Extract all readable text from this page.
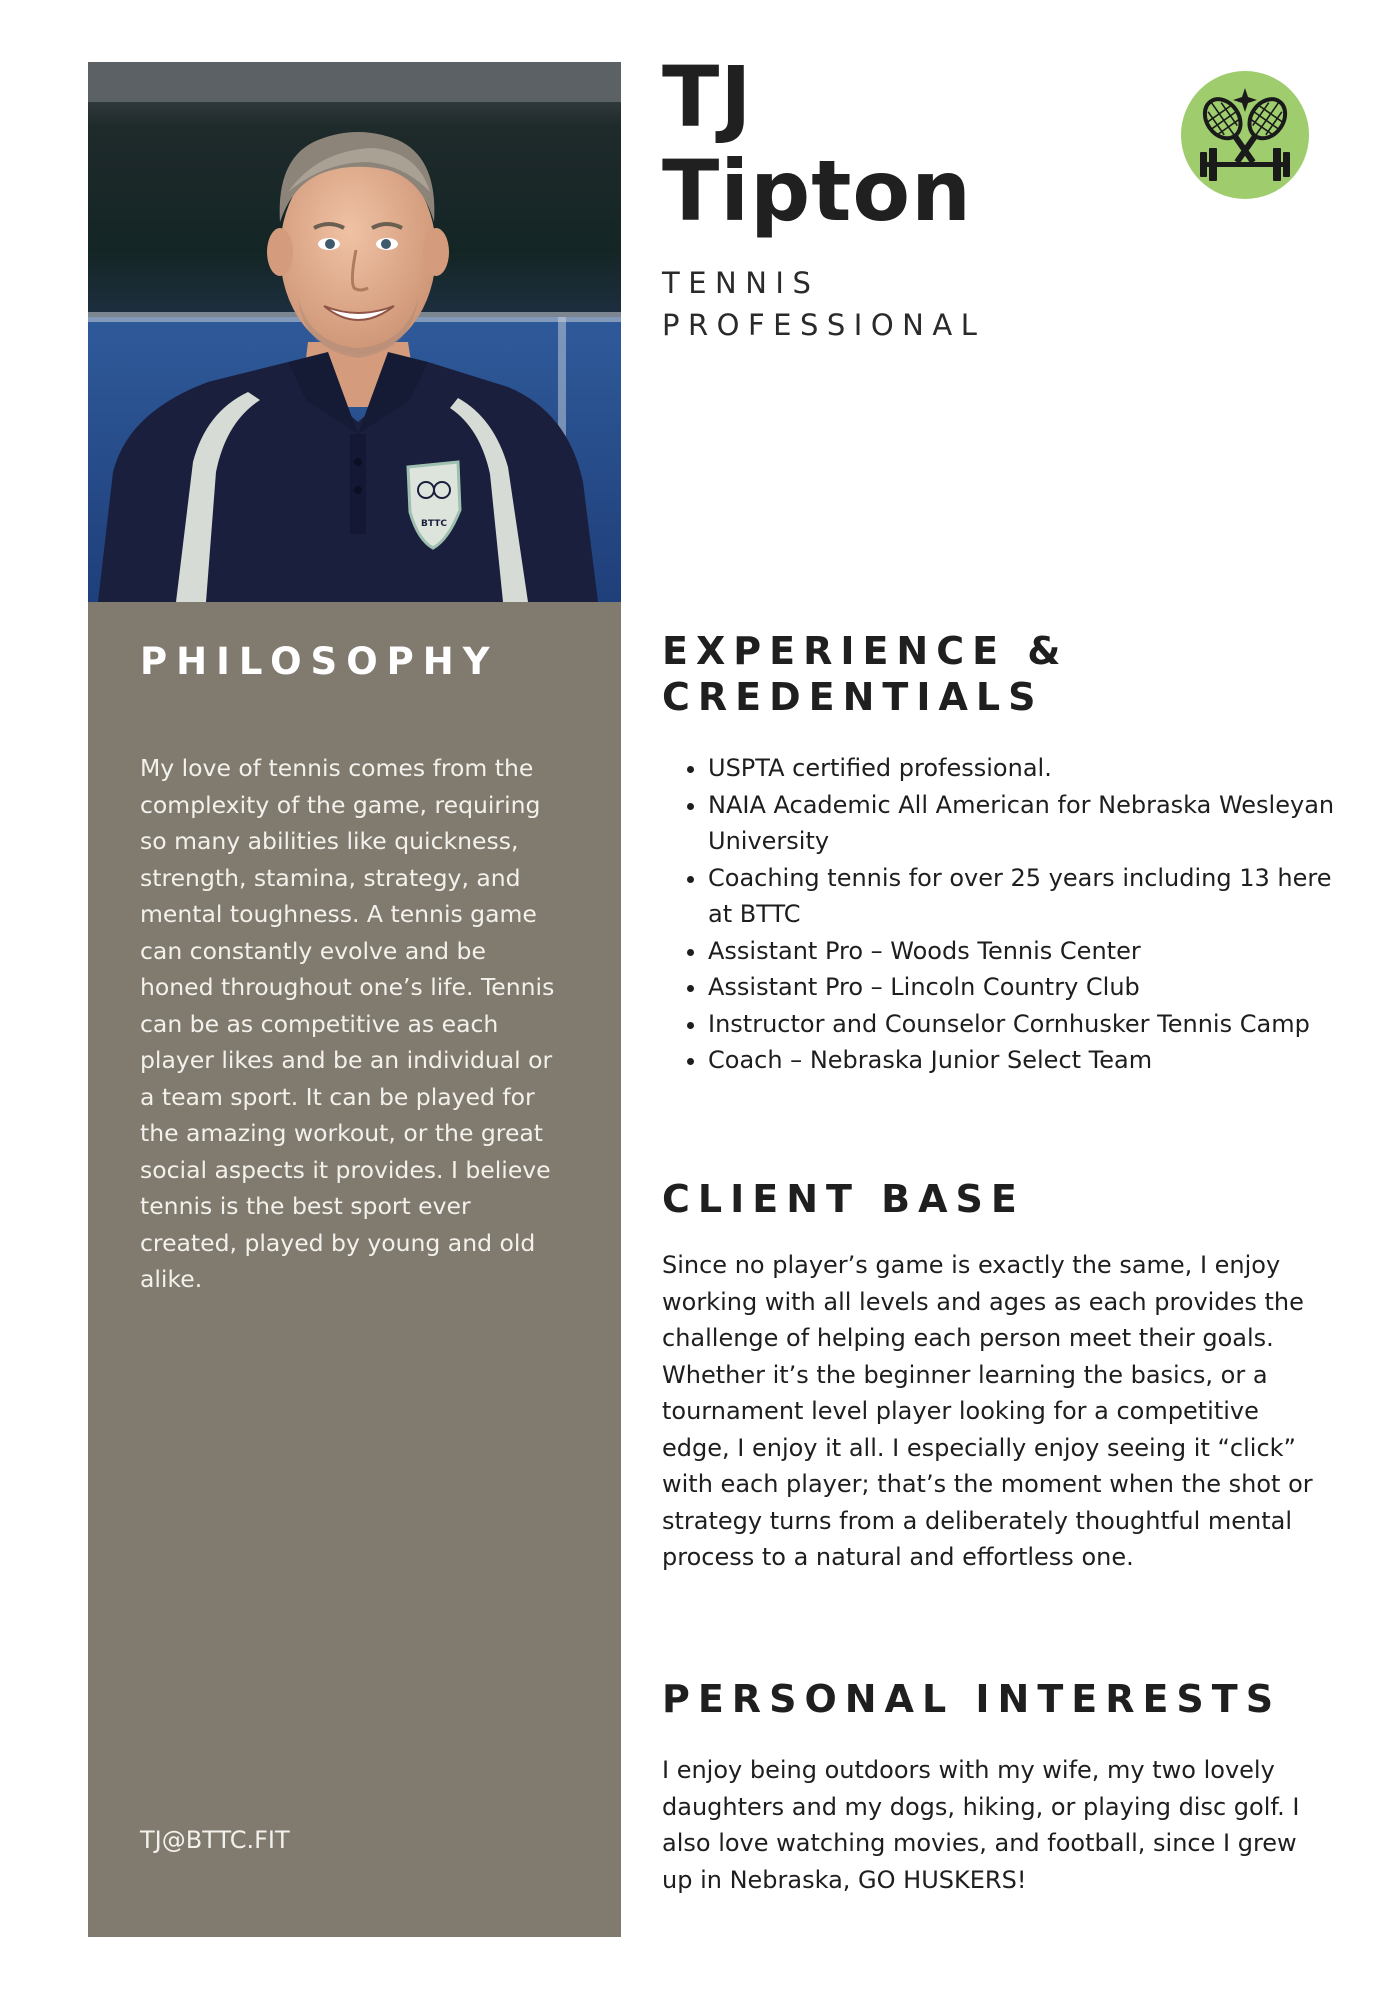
BTTC
PHILOSOPHY

My love of tennis comes from the complexity of the game, requiring so many abilities like quickness, strength, stamina, strategy, and mental toughness. A tennis game can constantly evolve and be honed throughout one’s life. Tennis can be as competitive as each player likes and be an individual or a team sport. It can be played for the amazing workout, or the great social aspects it provides. I believe tennis is the best sport ever created, played by young and old alike.

TJ@BTTC.FIT

TJ
Tipton

TENNIS

PROFESSIONAL

EXPERIENCE & CREDENTIALS
• USPTA certified professional.
• NAIA Academic All American for Nebraska Wesleyan University
• Coaching tennis for over 25 years including 13 here at BTTC
• Assistant Pro – Woods Tennis Center
• Assistant Pro – Lincoln Country Club
• Instructor and Counselor Cornhusker Tennis Camp
• Coach – Nebraska Junior Select Team
CLIENT BASE

Since no player’s game is exactly the same, I enjoy working with all levels and ages as each provides the challenge of helping each person meet their goals. Whether it’s the beginner learning the basics, or a tournament level player looking for a competitive edge, I enjoy it all. I especially enjoy seeing it “click” with each player; that’s the moment when the shot or strategy turns from a deliberately thoughtful mental process to a natural and effortless one.

PERSONAL INTERESTS

I enjoy being outdoors with my wife, my two lovely daughters and my dogs, hiking, or playing disc golf. I also love watching movies, and football, since I grew up in Nebraska, GO HUSKERS!
